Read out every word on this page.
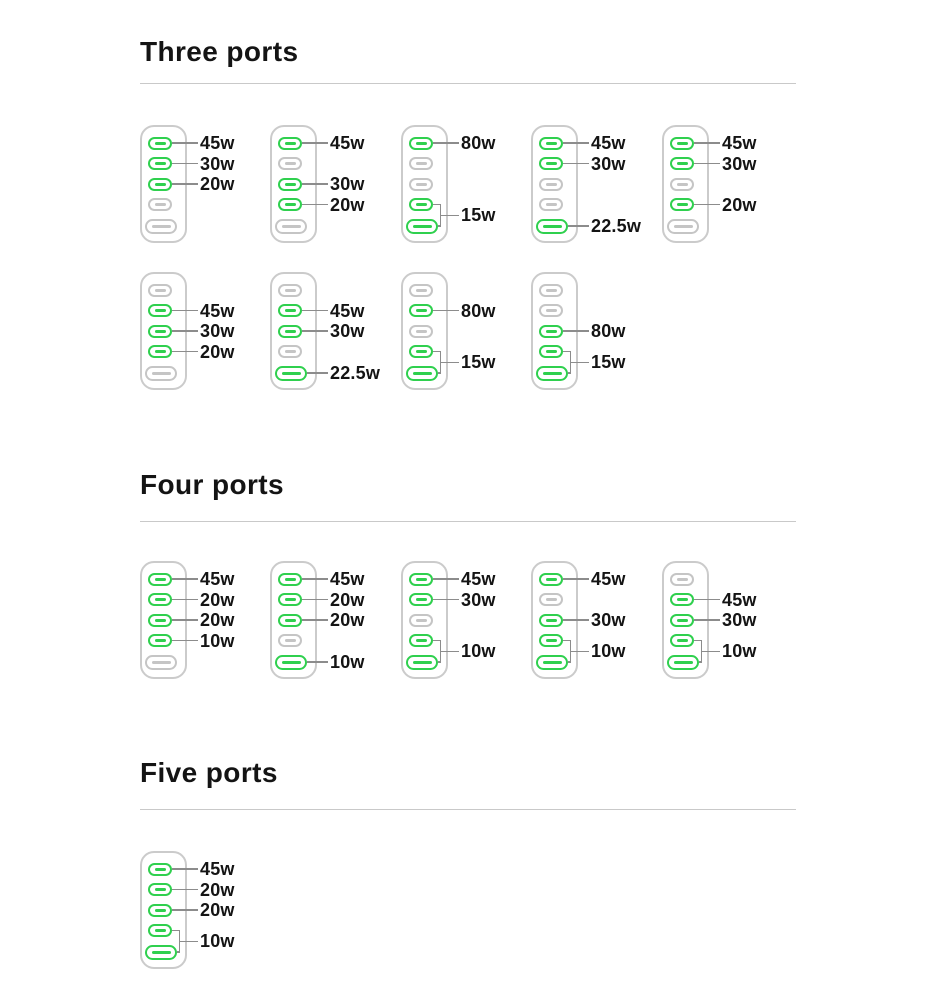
Three ports
Four ports
Five ports
45w
30w
20w
45w
30w
20w
80w
15w
45w
30w
22.5w
45w
30w
20w
45w
30w
20w
45w
30w
22.5w
80w
15w
80w
15w
45w
20w
20w
10w
45w
20w
20w
10w
45w
30w
10w
45w
30w
10w
45w
30w
10w
45w
20w
20w
10w
